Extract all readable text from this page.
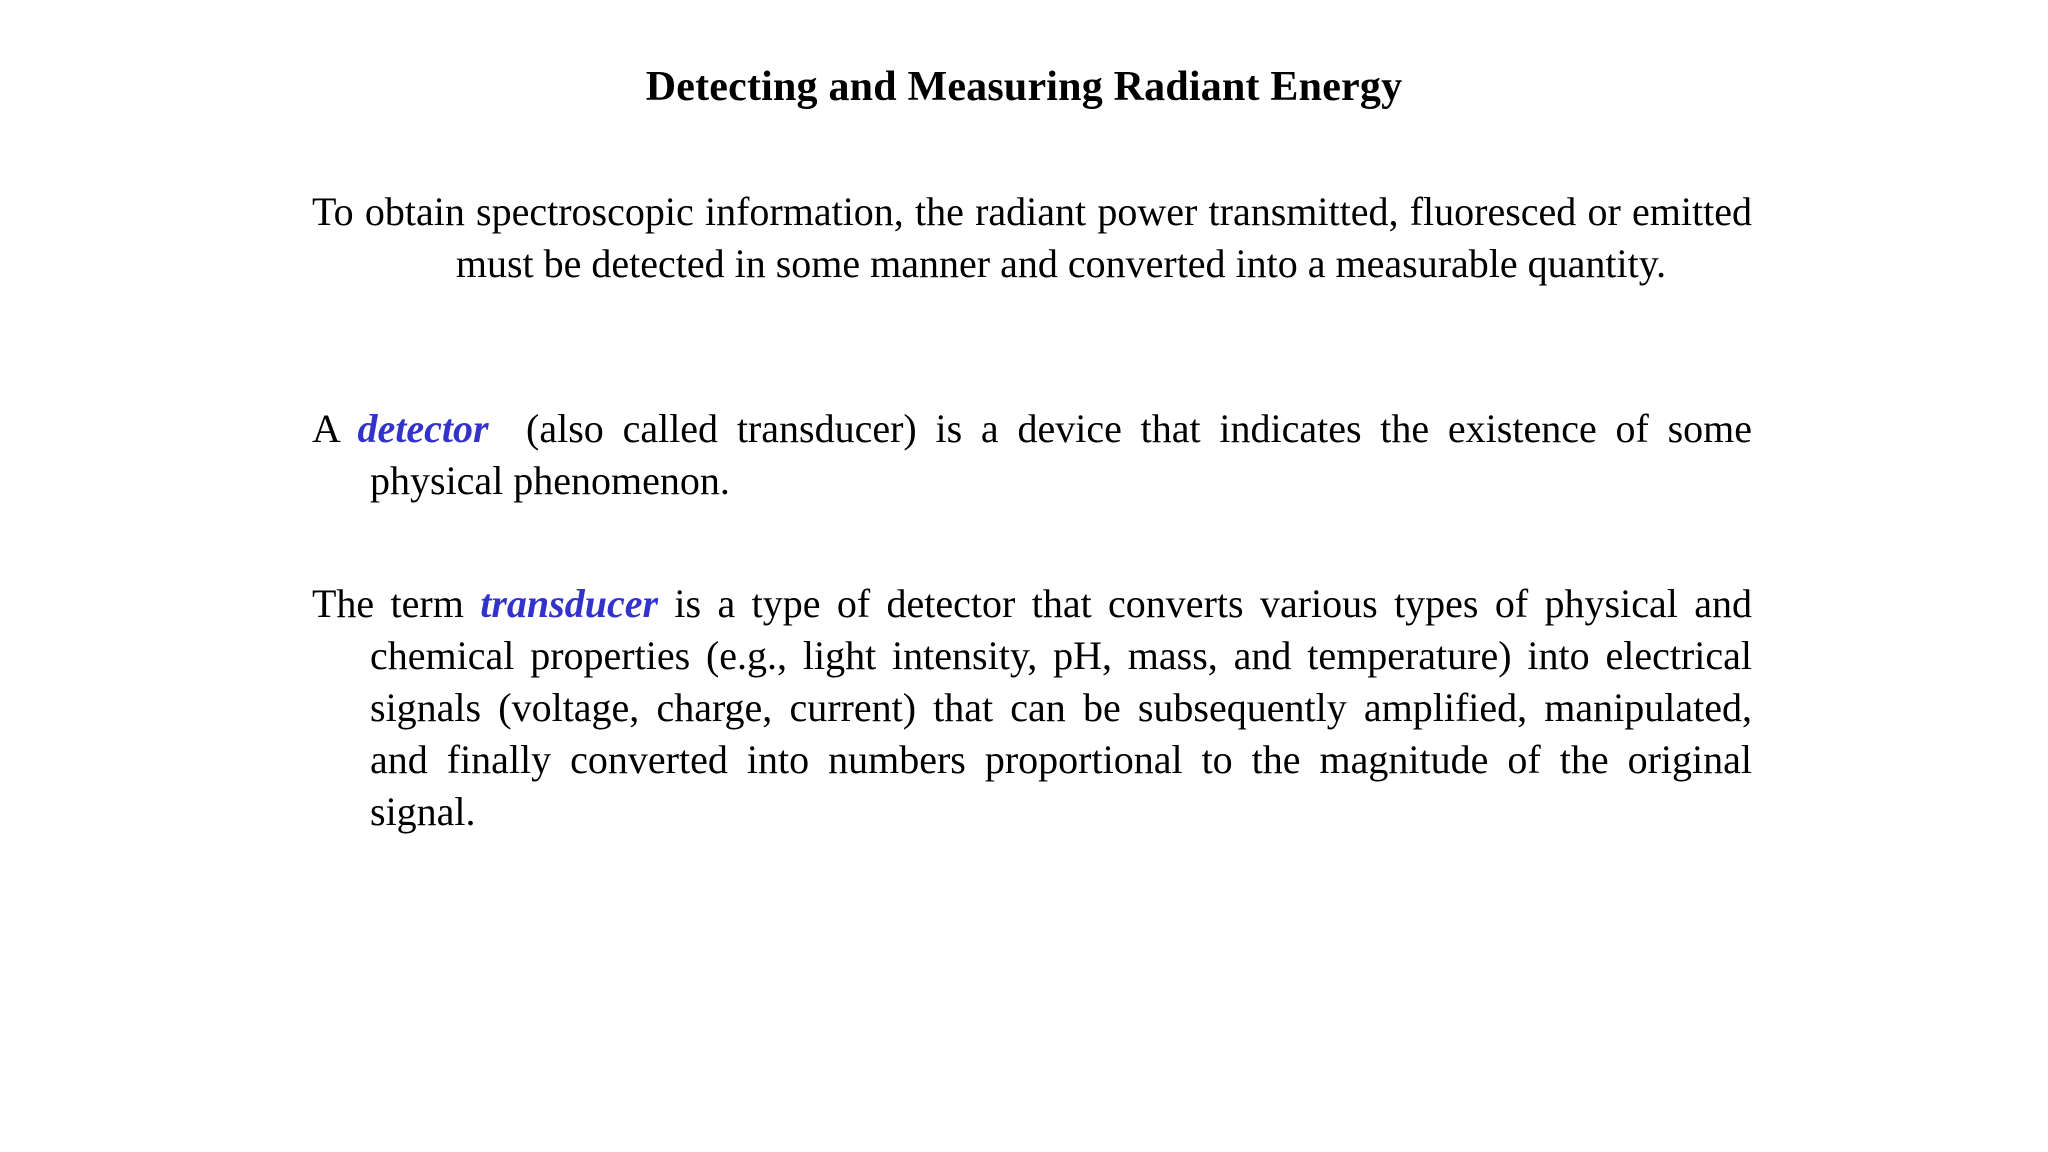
Detecting and Measuring Radiant Energy

To obtain spectroscopic information, the radiant power transmitted, fluoresced or emitted must be detected in some manner and converted into a measurable quantity.

A detector  (also called transducer) is a device that indicates the existence of some physical phenomenon.

The term transducer is a type of detector that converts various types of physical and chemical properties (e.g., light intensity, pH, mass, and temperature) into electrical signals (voltage, charge, current) that can be subsequently amplified, manipulated, and finally converted into numbers proportional to the magnitude of the original signal.
